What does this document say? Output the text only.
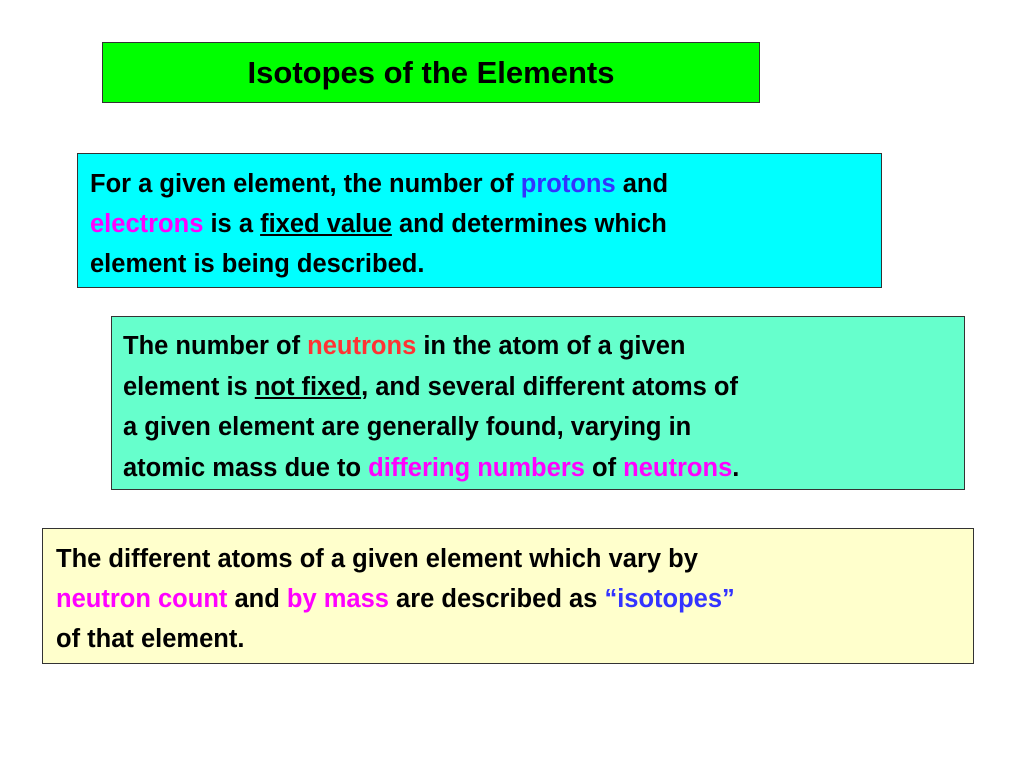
Isotopes of the Elements

For a given element, the number of protons and

electrons is a fixed value and determines which

element is being described.

The number of neutrons in the atom of a given

element is not fixed, and several different atoms of

a given element are generally found, varying in

atomic mass due to differing numbers of neutrons.

The different atoms of a given element which vary by

neutron count and by mass are described as “isotopes”

of that element.
